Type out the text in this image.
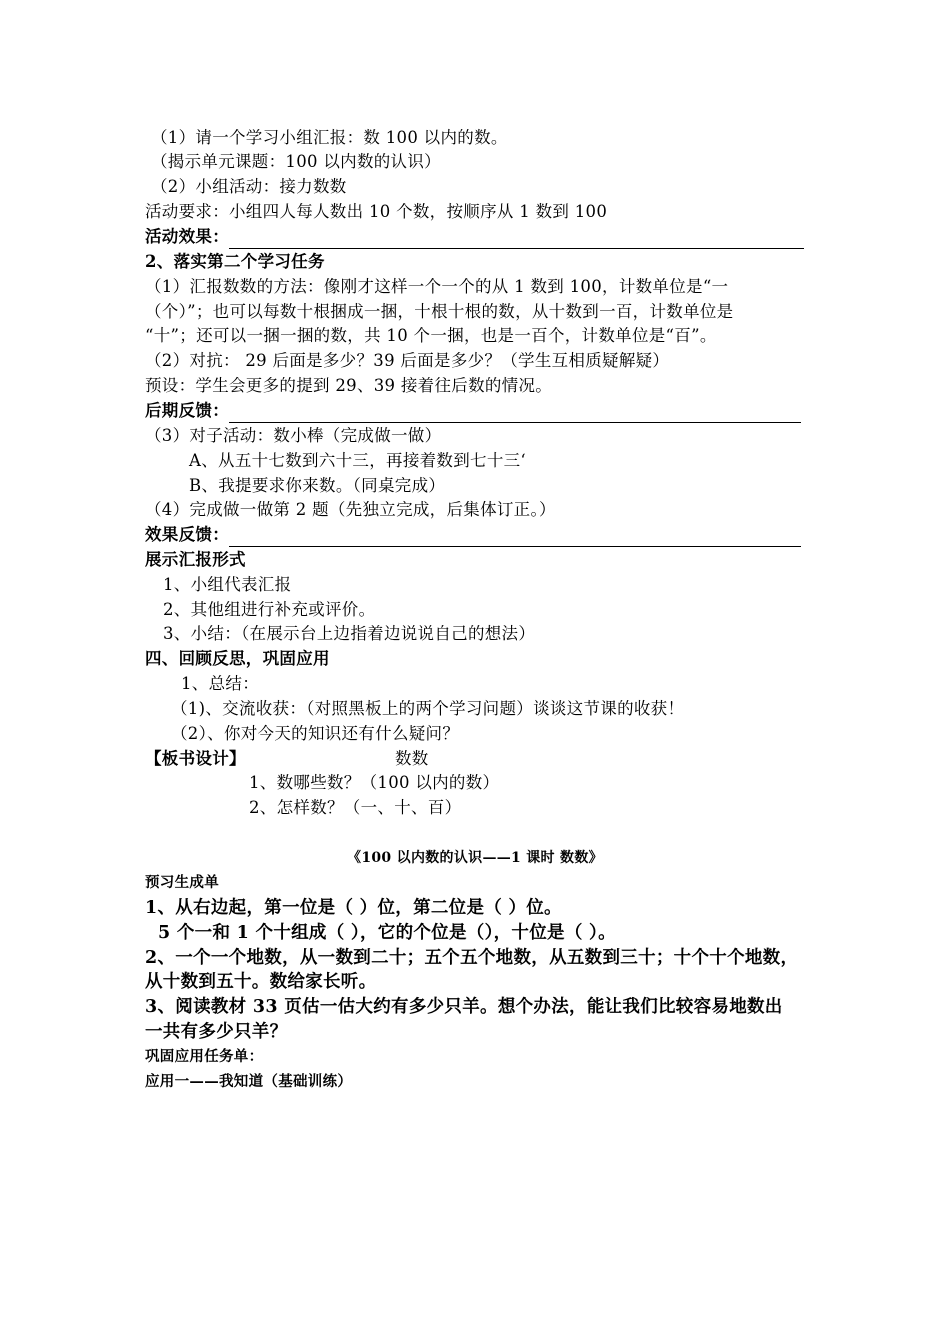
（1）请一个学习小组汇报：数 100 以内的数。
（揭示单元课题：100 以内数的认识）
（2）小组活动：接力数数
活动要求：小组四人每人数出 10 个数，按顺序从 1 数到 100
活动效果：
2、落实第二个学习任务
（1）汇报数数的方法：像刚才这样一个一个的从 1 数到 100，计数单位是“一
（个）”；也可以每数十根捆成一捆，十根十根的数，从十数到一百，计数单位是
“十”；还可以一捆一捆的数，共 10 个一捆，也是一百个，计数单位是“百”。
（2）对抗： 29 后面是多少？39 后面是多少？（学生互相质疑解疑）
预设：学生会更多的提到 29、39 接着往后数的情况。
后期反馈：
（3）对子活动：数小棒（完成做一做）
A、从五十七数到六十三，再接着数到七十三‘
B、我提要求你来数。（同桌完成）
（4）完成做一做第 2 题（先独立完成，后集体订正。）
效果反馈：
展示汇报形式
1、小组代表汇报
2、其他组进行补充或评价。
3、小结：（在展示台上边指着边说说自己的想法）
四、回顾反思，巩固应用
1、总结：
（1)、交流收获：（对照黑板上的两个学习问题）谈谈这节课的收获！
（2）、你对今天的知识还有什么疑问？
【板书设计】	数数
1、数哪些数？（100 以内的数）
2、怎样数？（一、十、百）
《100 以内数的认识——1 课时 数数》
预习生成单
1、从右边起，第一位是（ ）位，第二位是（ ）位。
5 个一和 1 个十组成（ ），它的个位是（），十位是（ ）。
2、一个一个地数，从一数到二十；五个五个地数，从五数到三十；十个十个地数，
从十数到五十。数给家长听。
3、阅读教材 33 页估一估大约有多少只羊。想个办法，能让我们比较容易地数出
一共有多少只羊？
巩固应用任务单：
应用一——我知道（基础训练）
